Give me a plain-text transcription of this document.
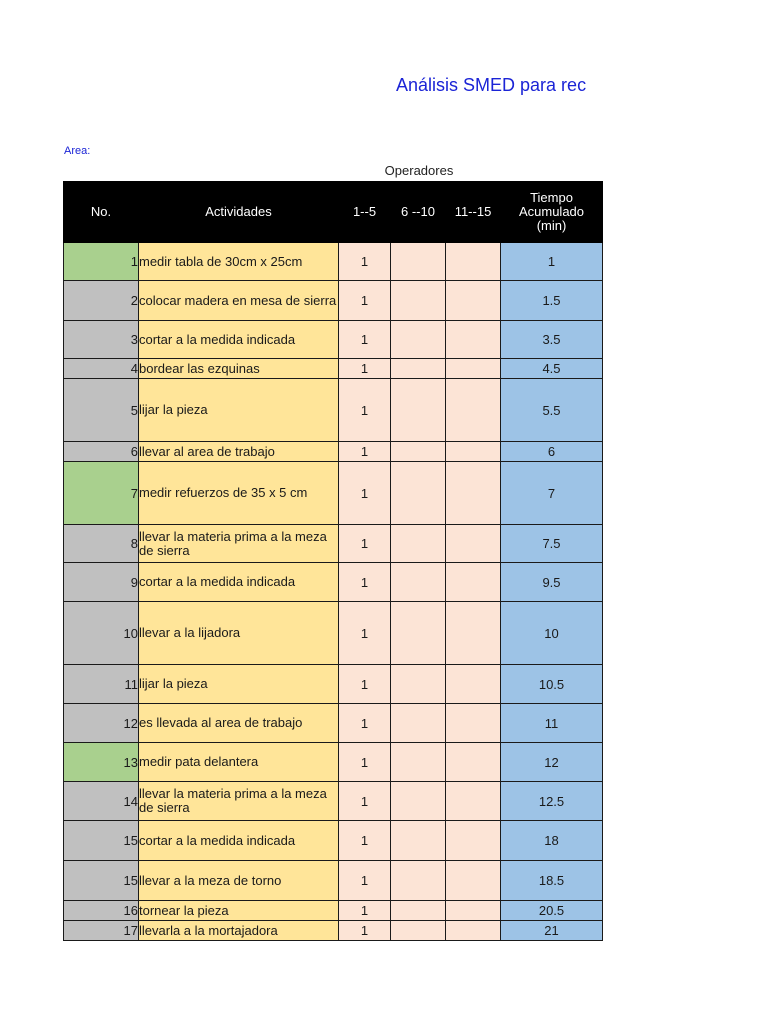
Análisis SMED para rec
Area:
Operadores
No.	Actividades	1--5	6 --10	11--15	Tiempo
Acumulado
(min)

1	medir tabla de 30cm x 25cm	1			1
2	colocar madera en mesa de sierra	1			1.5
3	cortar a la medida indicada	1			3.5
4	bordear las ezquinas	1			4.5
5	lijar la pieza	1			5.5
6	llevar al area de trabajo	1			6
7	medir refuerzos de 35 x 5 cm	1			7
8	llevar la materia prima a la meza de sierra	1			7.5
9	cortar a la medida indicada	1			9.5
10	llevar a la lijadora	1			10
11	lijar la pieza	1			10.5
12	es llevada al area de trabajo	1			11
13	medir pata delantera	1			12
14	llevar la materia prima a la meza de sierra	1			12.5
15	cortar a la medida indicada	1			18
15	llevar a la meza de torno	1			18.5
16	tornear la pieza	1			20.5
17	llevarla a la mortajadora	1			21
